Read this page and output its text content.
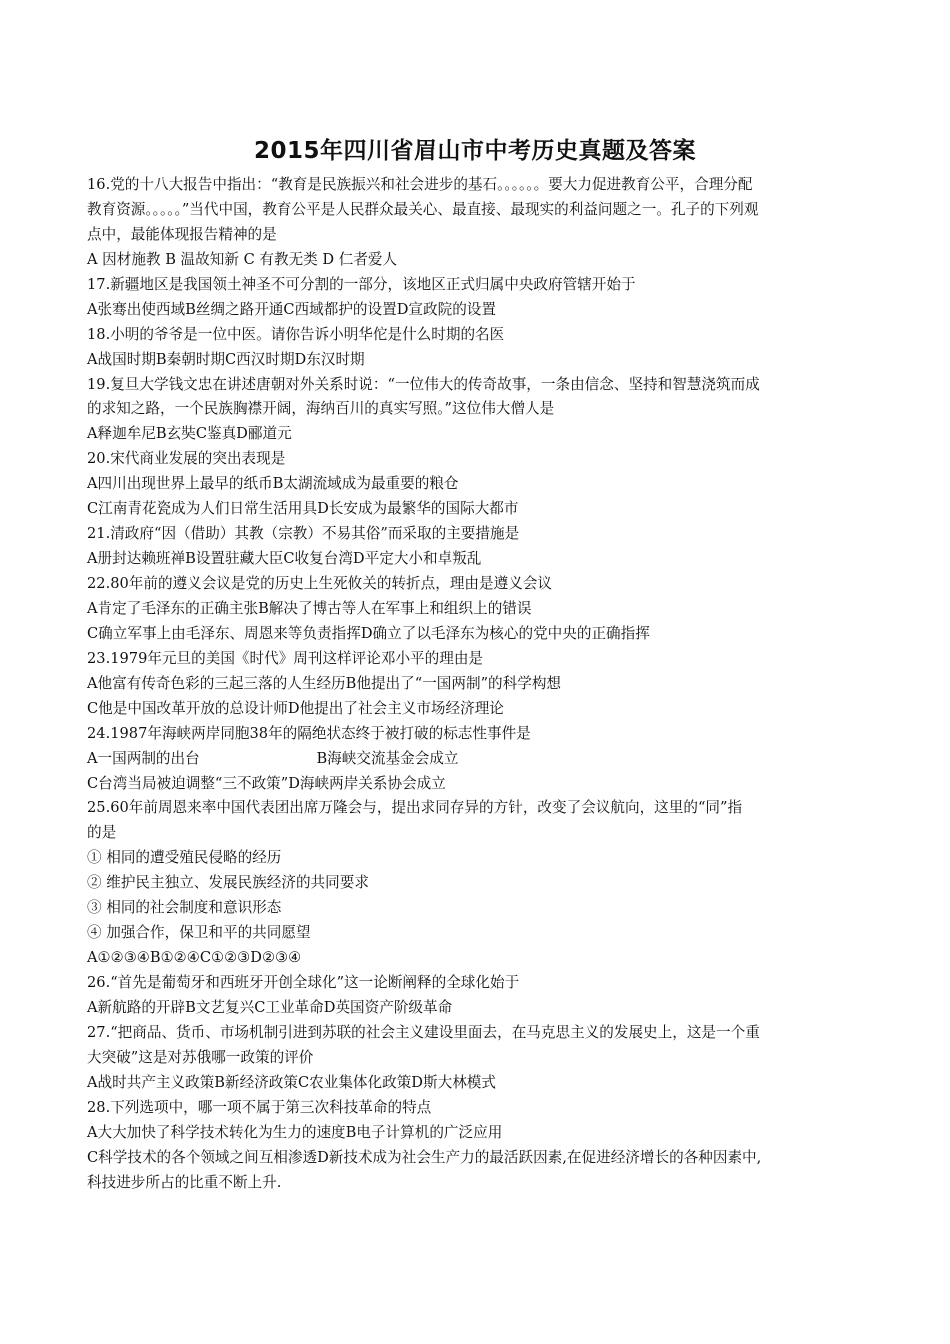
2015年四川省眉山市中考历史真题及答案
16.党的十八大报告中指出：“教育是民族振兴和社会进步的基石。。。。。。要大力促进教育公平，合理分配
教育资源。。。。。”当代中国，教育公平是人民群众最关心、最直接、最现实的利益问题之一。孔子的下列观
点中，最能体现报告精神的是
A 因材施教 B 温故知新 C 有教无类 D 仁者爱人
17.新疆地区是我国领土神圣不可分割的一部分，该地区正式归属中央政府管辖开始于
A张骞出使西域B丝绸之路开通C西域都护的设置D宣政院的设置
18.小明的爷爷是一位中医。请你告诉小明华佗是什么时期的名医
A战国时期B秦朝时期C西汉时期D东汉时期
19.复旦大学钱文忠在讲述唐朝对外关系时说：“一位伟大的传奇故事，一条由信念、坚持和智慧浇筑而成
的求知之路，一个民族胸襟开阔，海纳百川的真实写照。”这位伟大僧人是
A释迦牟尼B玄奘C鉴真D郦道元
20.宋代商业发展的突出表现是
A四川出现世界上最早的纸币B太湖流域成为最重要的粮仓
C江南青花瓷成为人们日常生活用具D长安成为最繁华的国际大都市
21.清政府“因（借助）其教（宗教）不易其俗”而采取的主要措施是
A册封达赖班禅B设置驻藏大臣C收复台湾D平定大小和卓叛乱
22.80年前的遵义会议是党的历史上生死攸关的转折点，理由是遵义会议
A肯定了毛泽东的正确主张B解决了博古等人在军事上和组织上的错误
C确立军事上由毛泽东、周恩来等负责指挥D确立了以毛泽东为核心的党中央的正确指挥
23.1979年元旦的美国《时代》周刊这样评论邓小平的理由是
A他富有传奇色彩的三起三落的人生经历B他提出了“一国两制”的科学构想
C他是中国改革开放的总设计师D他提出了社会主义市场经济理论
24.1987年海峡两岸同胞38年的隔绝状态终于被打破的标志性事件是
A一国两制的出台　　　　　　　　B海峡交流基金会成立
C台湾当局被迫调整“三不政策”D海峡两岸关系协会成立
25.60年前周恩来率中国代表团出席万隆会与，提出求同存异的方针，改变了会议航向，这里的“同”指
的是
① 相同的遭受殖民侵略的经历
② 维护民主独立、发展民族经济的共同要求
③ 相同的社会制度和意识形态
④ 加强合作，保卫和平的共同愿望
A①②③④B①②④C①②③D②③④
26.“首先是葡萄牙和西班牙开创全球化”这一论断阐释的全球化始于
A新航路的开辟B文艺复兴C工业革命D英国资产阶级革命
27.“把商品、货币、市场机制引进到苏联的社会主义建设里面去，在马克思主义的发展史上，这是一个重
大突破”这是对苏俄哪一政策的评价
A战时共产主义政策B新经济政策C农业集体化政策D斯大林模式
28.下列选项中，哪一项不属于第三次科技革命的特点
A大大加快了科学技术转化为生力的速度B电子计算机的广泛应用
C科学技术的各个领域之间互相渗透D新技术成为社会生产力的最活跃因素,在促进经济增长的各种因素中,
科技进步所占的比重不断上升.
